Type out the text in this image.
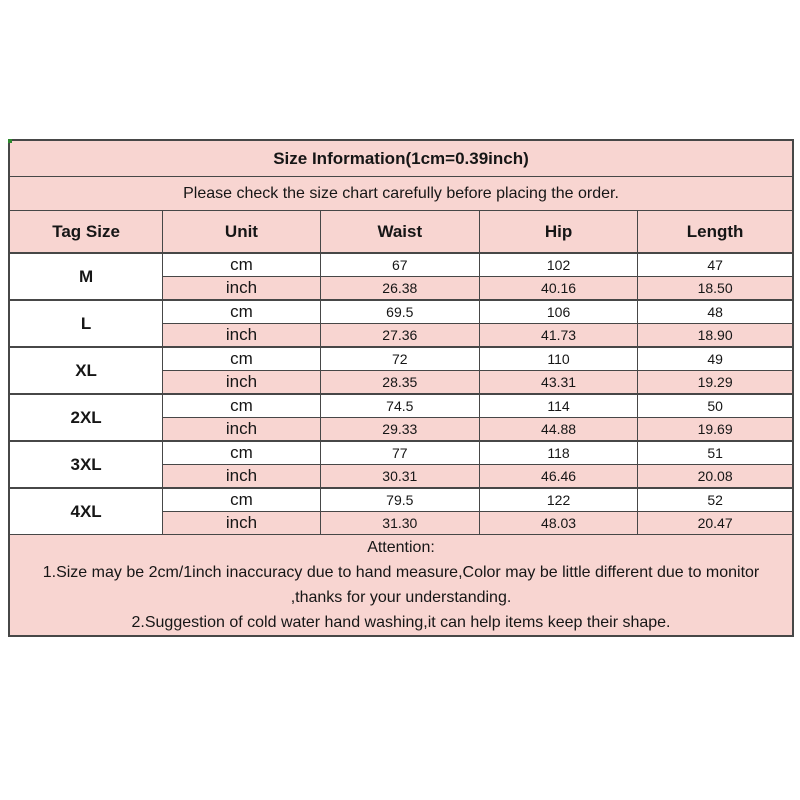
Size Information(1cm=0.39inch)				
Please check the size chart carefully before placing the order.				
Tag Size	Unit	Waist	Hip	Length
M	cm	67	102	47
	inch	26.38	40.16	18.50
L	cm	69.5	106	48
	inch	27.36	41.73	18.90
XL	cm	72	110	49
	inch	28.35	43.31	19.29
2XL	cm	74.5	114	50
	inch	29.33	44.88	19.69
3XL	cm	77	118	51
	inch	30.31	46.46	20.08
4XL	cm	79.5	122	52
	inch	31.30	48.03	20.47

Attention:
1.Size may be 2cm/1inch inaccuracy due to hand measure,Color may be little different due to monitor
,thanks for your understanding.
2.Suggestion of cold water hand washing,it can help items keep their shape.				
